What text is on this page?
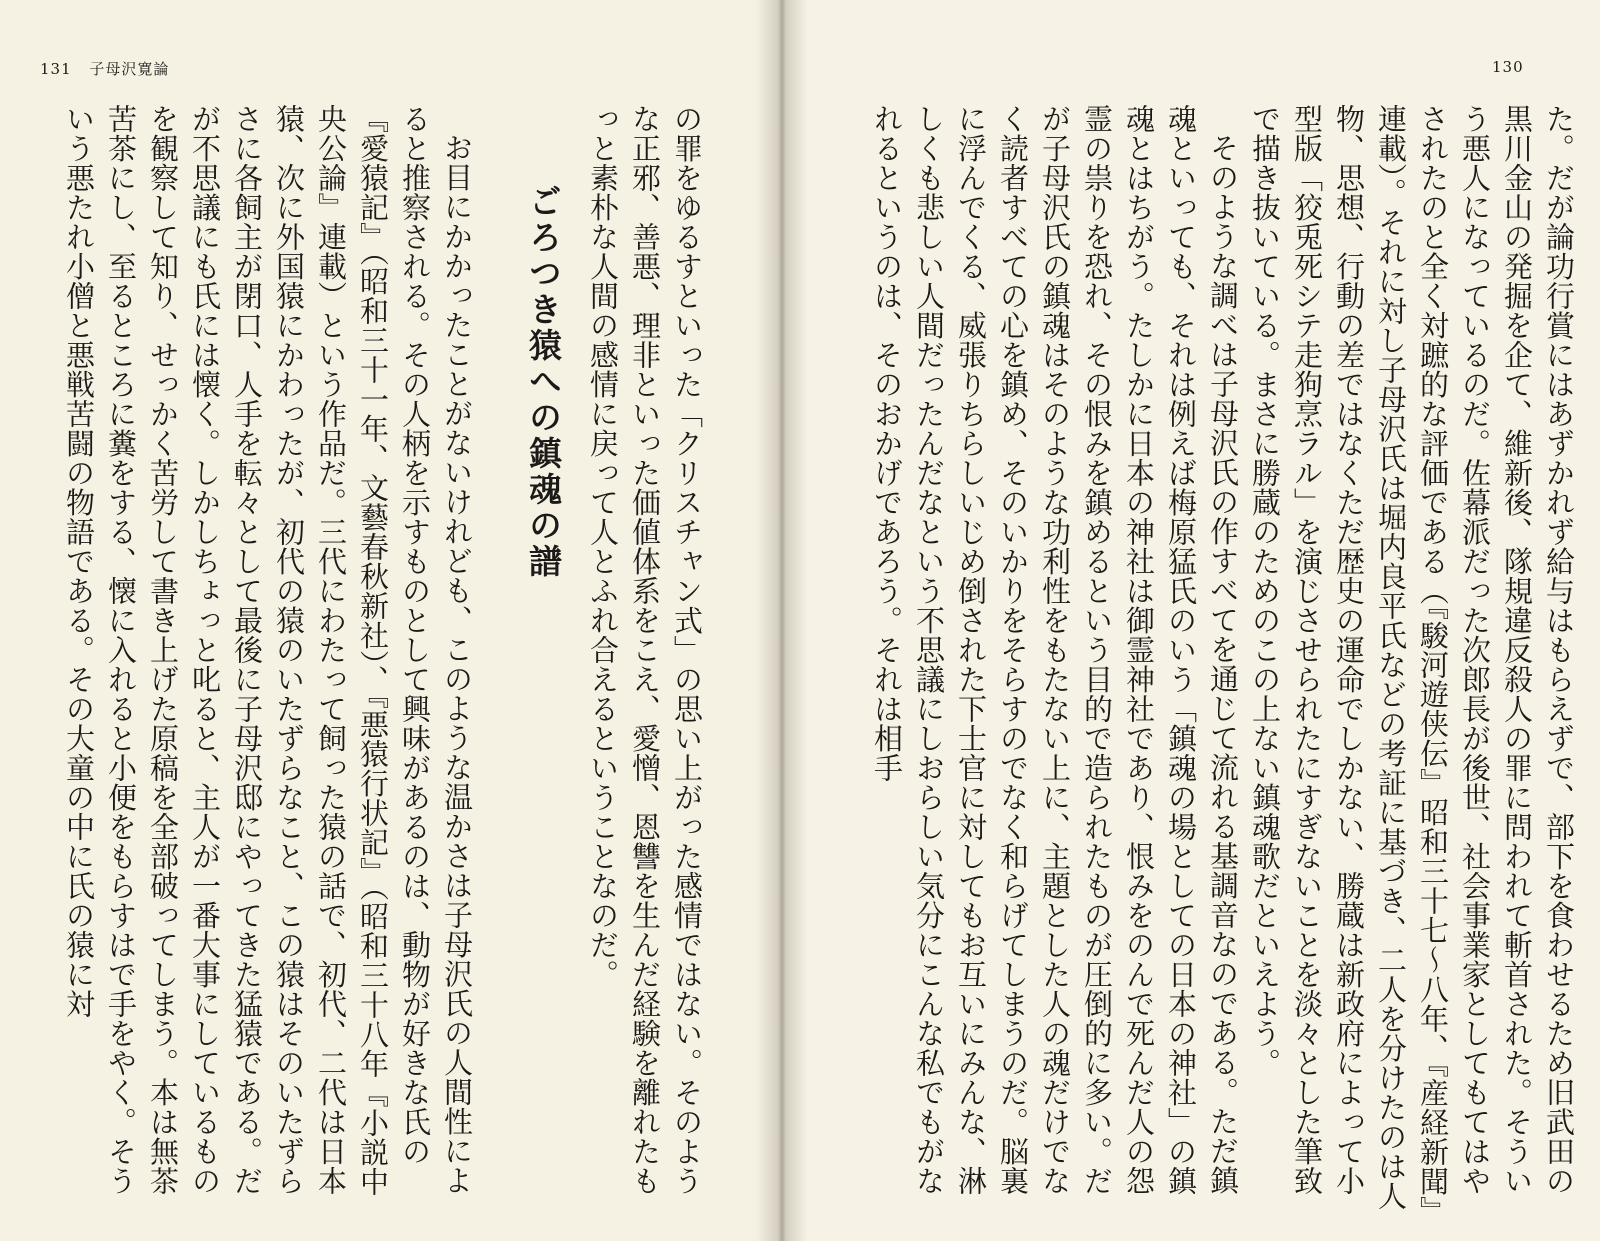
131 子母沢寛論

の罪をゆるすといった「クリスチャン式」の思い上がった感情ではない。そのような正邪、善悪、理非といった価値体系をこえ、愛憎、恩讐を生んだ経験を離れたもっと素朴な人間の感情に戻って人とふれ合えるということなのだ。

ごろつき猿への鎮魂の譜

お目にかかったことがないけれども、このような温かさは子母沢氏の人間性によると推察される。その人柄を示すものとして興味があるのは、動物が好きな氏の『愛猿記』（昭和三十一年、文藝春秋新社）、『悪猿行状記』（昭和三十八年『小説中央公論』連載）という作品だ。三代にわたって飼った猿の話で、初代、二代は日本猿、次に外国猿にかわったが、初代の猿のいたずらなこと、この猿はそのいたずらさに各飼主が閉口、人手を転々として最後に子母沢邸にやってきた猛猿である。だが不思議にも氏には懐く。しかしちょっと叱ると、主人が一番大事にしているものを観察して知り、せっかく苦労して書き上げた原稿を全部破ってしまう。本は無茶苦茶にし、至るところに糞をする、懐に入れると小便をもらすはで手をやく。そういう悪たれ小僧と悪戦苦闘の物語である。その大童の中に氏の猿に対

130

た。だが論功行賞にはあずかれず給与はもらえずで、部下を食わせるため旧武田の黒川金山の発掘を企て、維新後、隊規違反殺人の罪に問われて斬首された。そういう悪人になっているのだ。佐幕派だった次郎長が後世、社会事業家としてもてはやされたのと全く対蹠的な評価である（『駿河遊侠伝』昭和三十七〜八年、『産経新聞』連載）。それに対し子母沢氏は堀内良平氏などの考証に基づき、二人を分けたのは人物、思想、行動の差ではなくただ歴史の運命でしかない、勝蔵は新政府によって小型版「狡兎死シテ走狗烹ラル」を演じさせられたにすぎないことを淡々とした筆致で描き抜いている。まさに勝蔵のためのこの上ない鎮魂歌だといえよう。

そのような調べは子母沢氏の作すべてを通じて流れる基調音なのである。ただ鎮魂といっても、それは例えば梅原猛氏のいう「鎮魂の場としての日本の神社」の鎮魂とはちがう。たしかに日本の神社は御霊神社であり、恨みをのんで死んだ人の怨霊の祟りを恐れ、その恨みを鎮めるという目的で造られたものが圧倒的に多い。だが子母沢氏の鎮魂はそのような功利性をもたない上に、主題とした人の魂だけでなく読者すべての心を鎮め、そのいかりをそらすのでなく和らげてしまうのだ。脳裏に浮んでくる、威張りちらしいじめ倒された下士官に対してもお互いにみんな、淋しくも悲しい人間だったんだなという不思議にしおらしい気分にこんな私でもがなれるというのは、そのおかげであろう。それは相手
